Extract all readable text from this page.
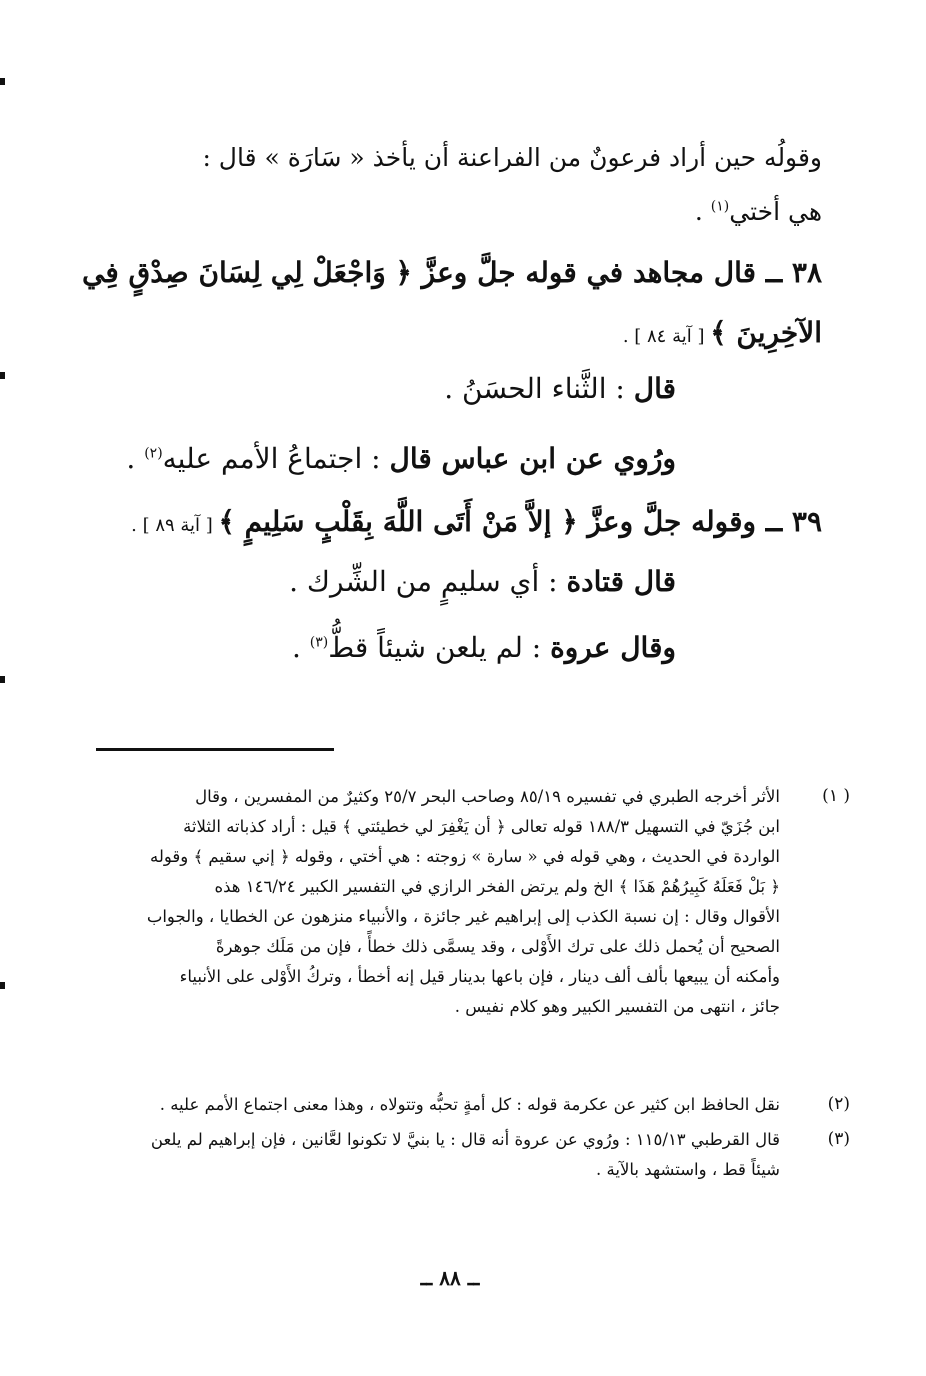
وقولُه حين أراد فرعونٌ من الفراعنة أن يأخذ « سَارَة » قال :
هي أختي$^{(١)}$ .
٣٨ ــ قال مجاهد في قوله جلَّ وعزَّ ﴿ وَاجْعَلْ لِي لِسَانَ صِدْقٍ فِي
الآخِرِينَ ﴾ [ آية ٨٤ ] .
قال : الثَّناء الحسَنُ .
ورُوي عن ابن عباس قال : اجتماعُ الأمم عليه$^{(٢)}$ .
٣٩ ــ وقوله جلَّ وعزَّ ﴿ إلاَّ مَنْ أَتَى اللَّهَ بِقَلْبٍ سَلِيمٍ ﴾ [ آية ٨٩ ] .
قال قتادة : أي سليمٍ من الشِّرك .
وقال عروة : لم يلعن شيئاً قطُّ$^{(٣)}$ .
( ١)
الأثر أخرجه الطبري في تفسيره ٨٥/١٩ وصاحب البحر ٢٥/٧ وكثيرٌ من المفسرين ، وقال
ابن جُزَيّ في التسهيل ١٨٨/٣ قوله تعالى ﴿ أن يَغْفِرَ لي خطيئتي ﴾ قيل : أراد كذباته الثلاثة
الواردة في الحديث ، وهي قوله في « سارة » زوجته : هي أختي ، وقوله ﴿ إني سقيم ﴾ وقوله
﴿ بَلْ فَعَلَهُ كَبِيرُهُمْ هَذَا ﴾ الخ ولم يرتض الفخر الرازي في التفسير الكبير ١٤٦/٢٤ هذه
الأقوال وقال : إن نسبة الكذب إلى إبراهيم غير جائزة ، والأنبياء منزهون عن الخطايا ، والجواب
الصحيح أن يُحمل ذلك على ترك الأَوْلى ، وقد يسمَّى ذلك خطأً ، فإن من مَلَك جوهرةً
وأمكنه أن يبيعها بألف ألف دينار ، فإن باعها بدينار قيل إنه أخطأ ، وتركُ الأَوْلى على الأنبياء
جائز ، انتهى من التفسير الكبير وهو كلام نفيس .
(٢)
نقل الحافظ ابن كثير عن عكرمة قوله : كل أمةٍ تحبُّه وتتولاه ، وهذا معنى اجتماع الأمم عليه .
(٣)
قال القرطبي ١١٥/١٣ : ورُوي عن عروة أنه قال : يا بنيَّ لا تكونوا لعَّانين ، فإن إبراهيم لم يلعن
شيئاً قط ، واستشهد بالآية .
ــ ٨٨ ــ
